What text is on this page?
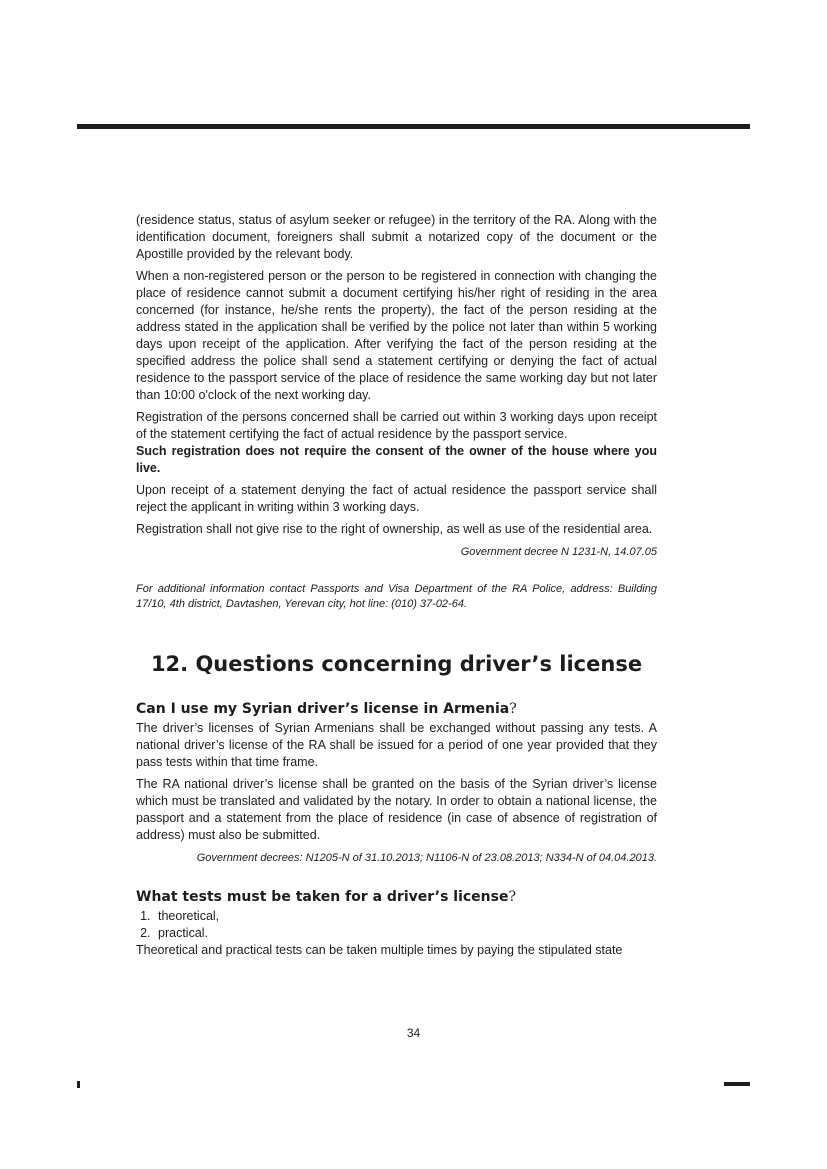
(residence status, status of asylum seeker or refugee) in the territory of the RA. Along with the identification document, foreigners shall submit a notarized copy of the document or the Apostille provided by the relevant body.

When a non-registered person or the person to be registered in connection with changing the place of residence cannot submit a document certifying his/her right of residing in the area concerned (for instance, he/she rents the property), the fact of the person residing at the address stated in the application shall be verified by the police not later than within 5 working days upon receipt of the application. After verifying the fact of the person residing at the specified address the police shall send a statement certifying or denying the fact of actual residence to the passport service of the place of residence the same working day but not later than 10:00 o'clock of the next working day.

Registration of the persons concerned shall be carried out within 3 working days upon receipt of the statement certifying the fact of actual residence by the passport service.

Such registration does not require the consent of the owner of the house where you live.

Upon receipt of a statement denying the fact of actual residence the passport service shall reject the applicant in writing within 3 working days.

Registration shall not give rise to the right of ownership, as well as use of the residential area.

Government decree N 1231-N, 14.07.05

For additional information contact Passports and Visa Department of the RA Police, address: Building 17/10, 4th district, Davtashen, Yerevan city, hot line: (010) 37-02-64.

12. Questions concerning driver’s license
Can I use my Syrian driver’s license in Armenia?

The driver’s licenses of Syrian Armenians shall be exchanged without passing any tests. A national driver’s license of the RA shall be issued for a period of one year provided that they pass tests within that time frame.

The RA national driver’s license shall be granted on the basis of the Syrian driver’s license which must be translated and validated by the notary. In order to obtain a national license, the passport and a statement from the place of residence (in case of absence of registration of address) must also be submitted.

Government decrees: N1205-N of 31.10.2013; N1106-N of 23.08.2013; N334-N of 04.04.2013.

What tests must be taken for a driver’s license?
1. theoretical,
2. practical.

Theoretical and practical tests can be taken multiple times by paying the stipulated state

34
